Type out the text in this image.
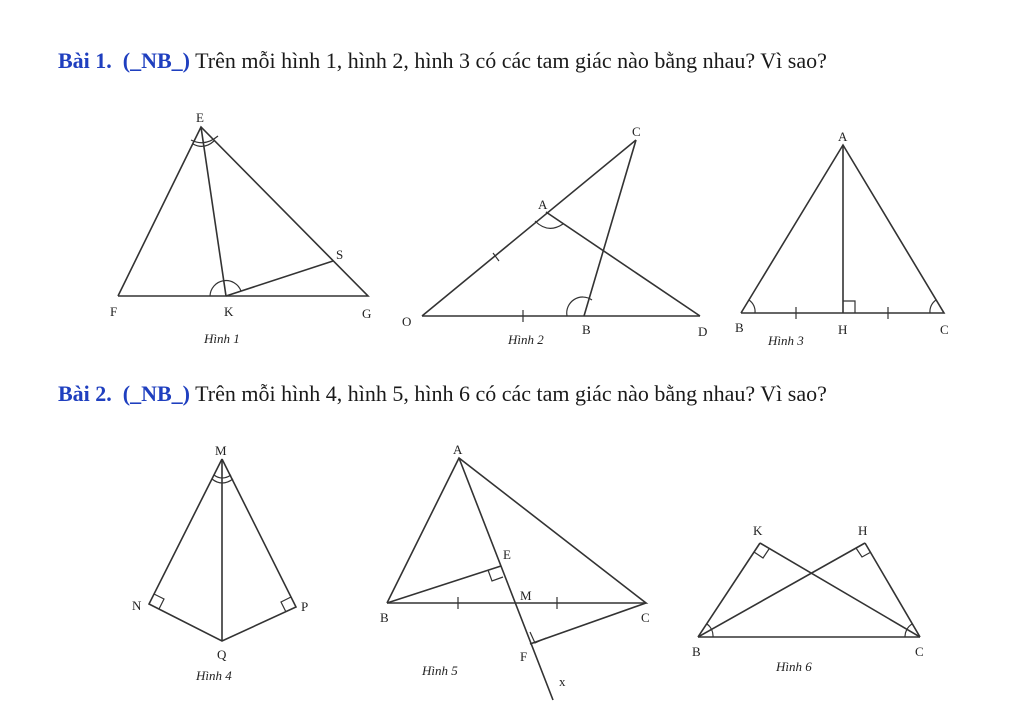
Bài 1. (_NB_) Trên mỗi hình 1, hình 2, hình 3 có các tam giác nào bằng nhau? Vì sao?
Bài 2. (_NB_) Trên mỗi hình 4, hình 5, hình 6 có các tam giác nào bằng nhau? Vì sao?
E
F	K	G
S
Hình 1
C
A
O
B	D
Hình 2
A
B	H	C
Hình 3
M
N	P
Q
Hình 4
A
E
M
B	C
F
x
Hình 5
K	H
B	C
Hình 6
